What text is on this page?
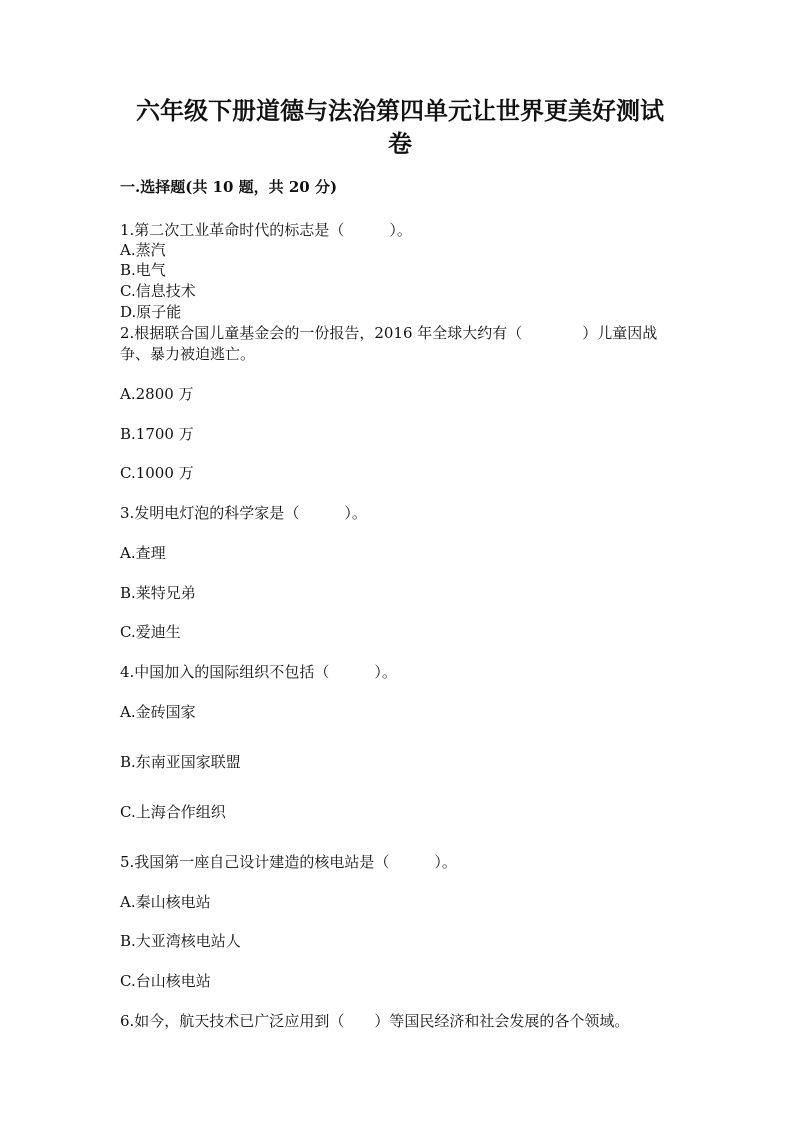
六年级下册道德与法治第四单元让世界更美好测试
卷
一.选择题(共 10 题，共 20 分)
1.第二次工业革命时代的标志是（　　　）。
A.蒸汽
B.电气
C.信息技术
D.原子能
2.根据联合国儿童基金会的一份报告，2016 年全球大约有（　　　　）儿童因战
争、暴力被迫逃亡。
A.2800 万
B.1700 万
C.1000 万
3.发明电灯泡的科学家是（　　　）。
A.查理
B.莱特兄弟
C.爱迪生
4.中国加入的国际组织不包括（　　　）。
A.金砖国家
B.东南亚国家联盟
C.上海合作组织
5.我国第一座自己设计建造的核电站是（　　　）。
A.秦山核电站
B.大亚湾核电站人
C.台山核电站
6.如今，航天技术已广泛应用到（　　）等国民经济和社会发展的各个领域。
